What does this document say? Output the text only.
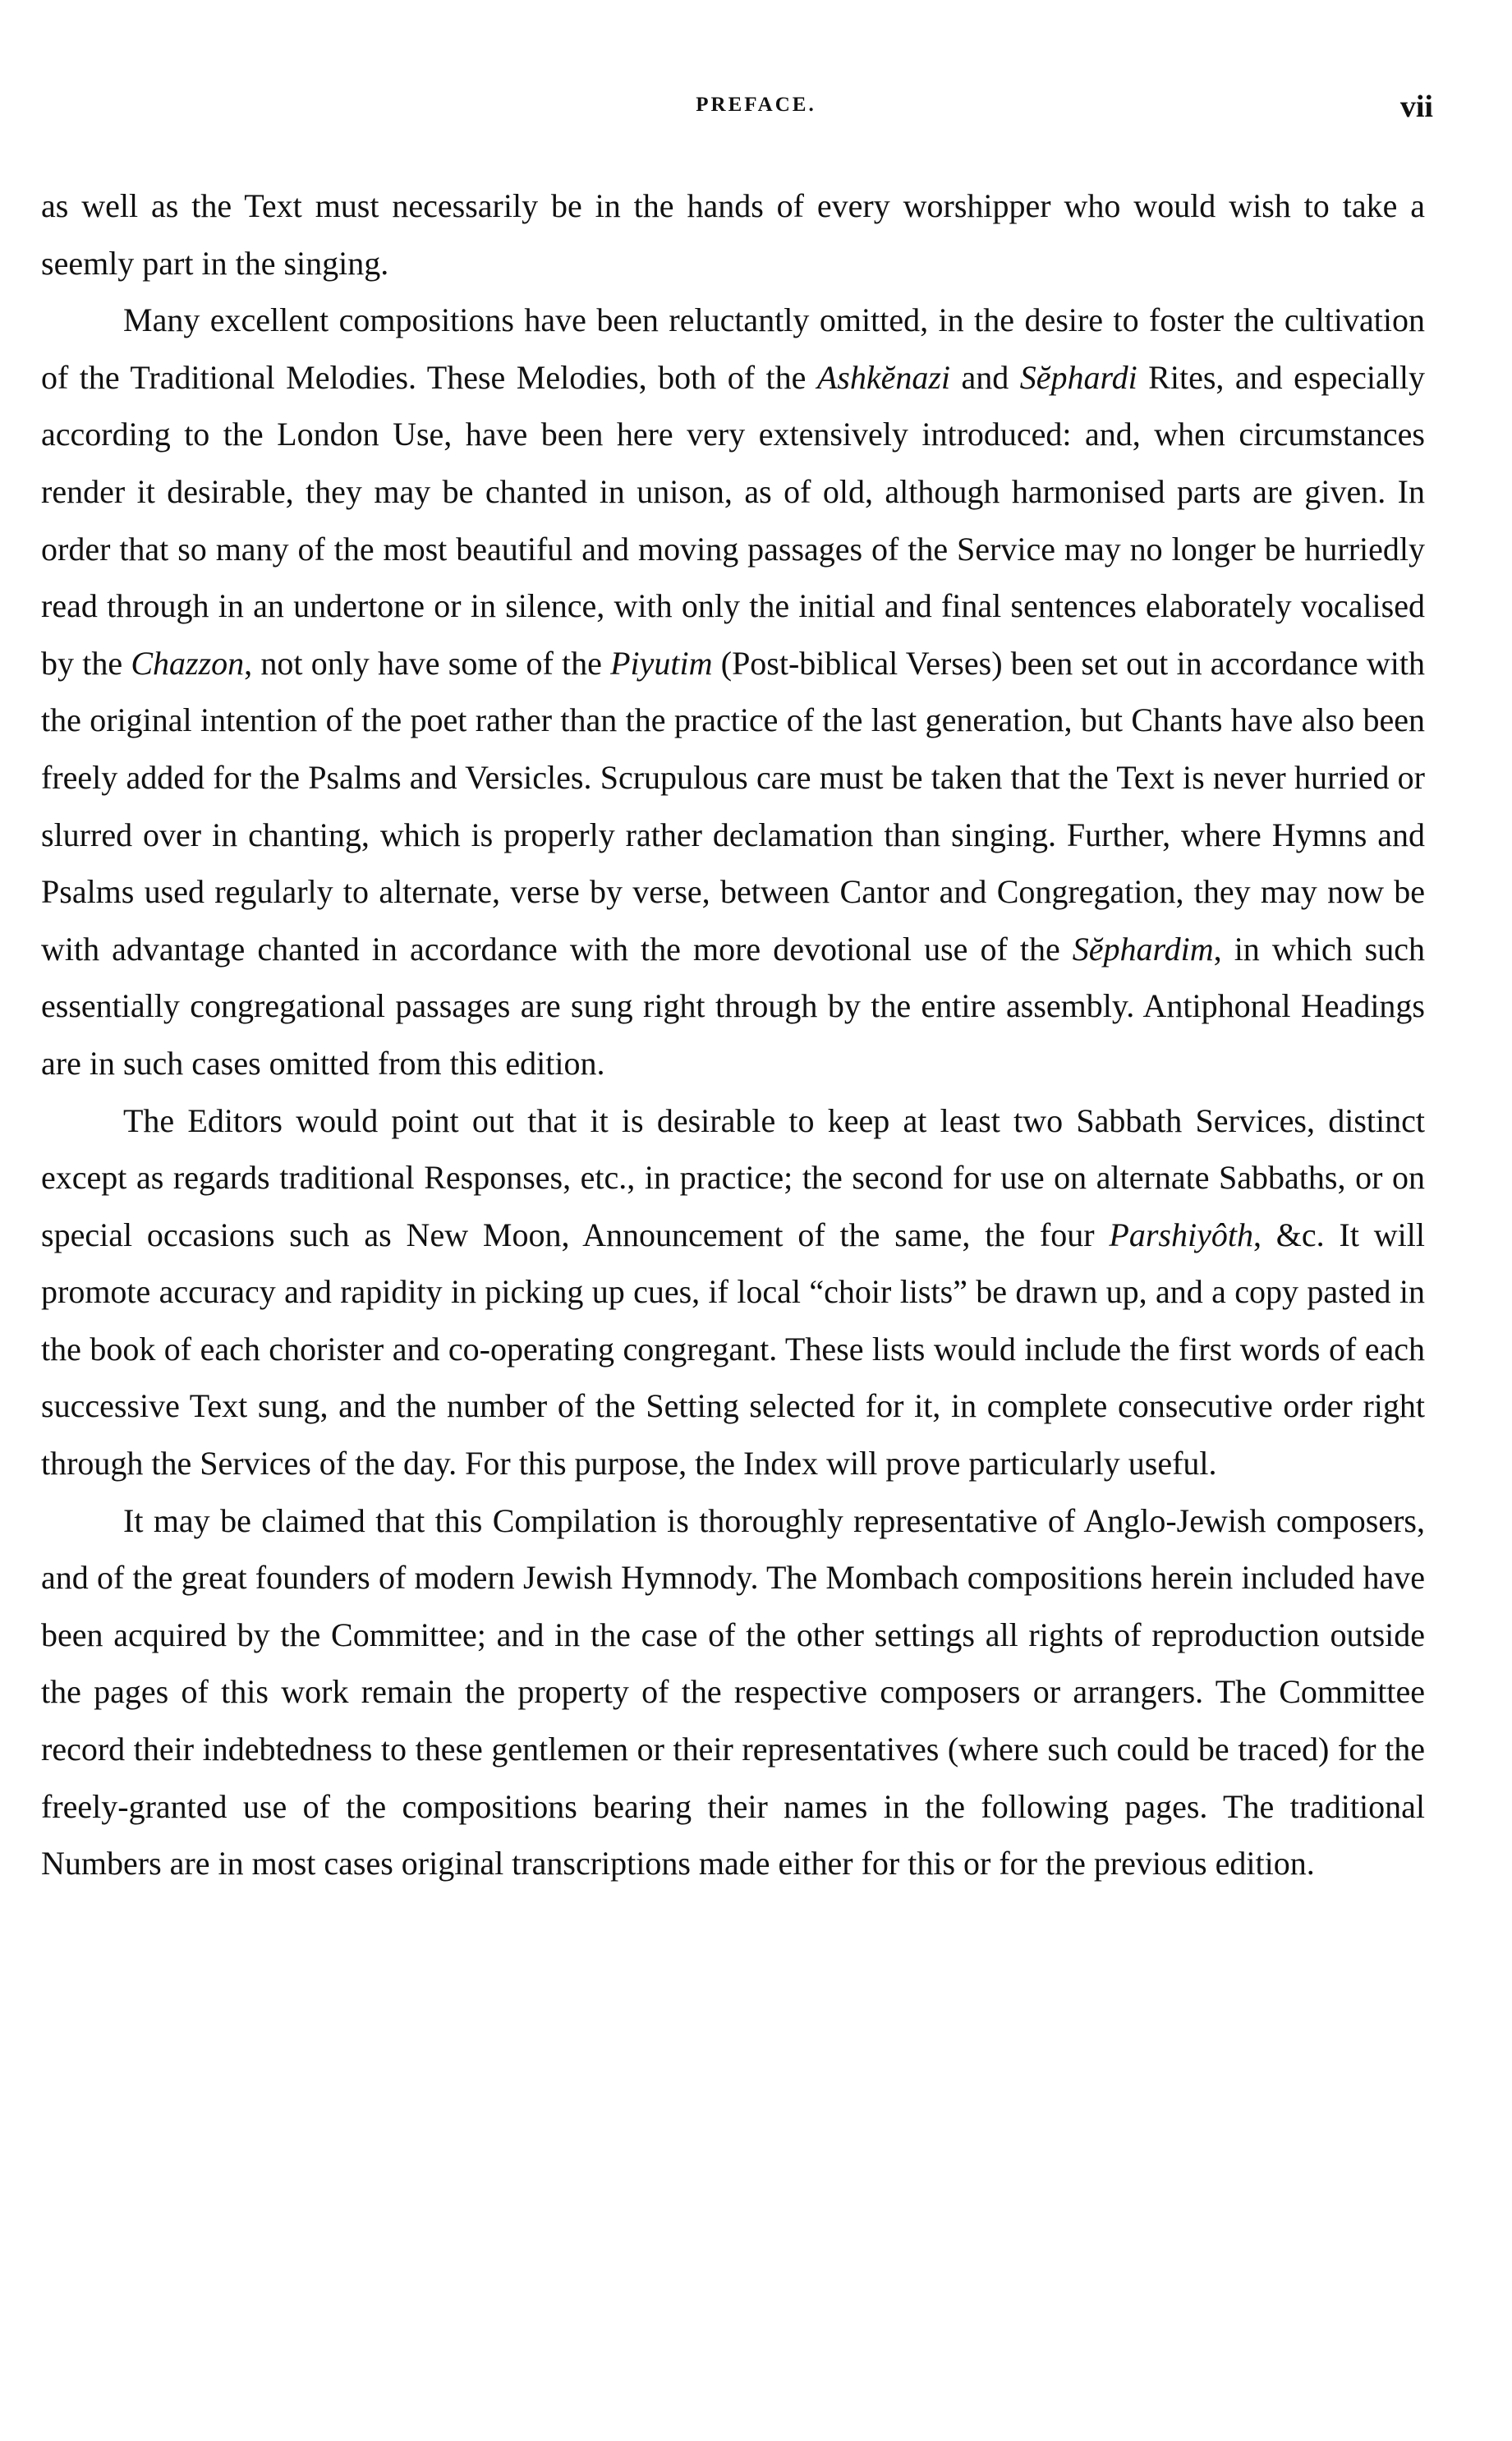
PREFACE.	vii

as well as the Text must necessarily be in the hands of every worshipper who would wish to take a seemly part in the singing.

Many excellent compositions have been reluctantly omitted, in the desire to foster the cultivation of the Traditional Melodies. These Melodies, both of the Ashkĕnazi and Sĕphardi Rites, and especially according to the London Use, have been here very extensively introduced: and, when circumstances render it desirable, they may be chanted in unison, as of old, although harmonised parts are given. In order that so many of the most beautiful and moving passages of the Service may no longer be hurriedly read through in an undertone or in silence, with only the initial and final sentences elaborately vocalised by the Chazzon, not only have some of the Piyutim (Post-biblical Verses) been set out in accordance with the original intention of the poet rather than the practice of the last generation, but Chants have also been freely added for the Psalms and Versicles. Scrupulous care must be taken that the Text is never hurried or slurred over in chanting, which is properly rather declamation than singing. Further, where Hymns and Psalms used regularly to alternate, verse by verse, between Cantor and Congregation, they may now be with advantage chanted in accordance with the more devotional use of the Sĕphardim, in which such essentially congregational passages are sung right through by the entire assembly. Antiphonal Headings are in such cases omitted from this edition.

The Editors would point out that it is desirable to keep at least two Sabbath Services, distinct except as regards traditional Responses, etc., in practice; the second for use on alternate Sabbaths, or on special occasions such as New Moon, Announcement of the same, the four Parshiyôth, &c. It will promote accuracy and rapidity in picking up cues, if local “choir lists” be drawn up, and a copy pasted in the book of each chorister and co-operating congregant. These lists would include the first words of each successive Text sung, and the number of the Setting selected for it, in complete consecutive order right through the Services of the day. For this purpose, the Index will prove particularly useful.

It may be claimed that this Compilation is thoroughly representative of Anglo-Jewish composers, and of the great founders of modern Jewish Hymnody. The Mombach compositions herein included have been acquired by the Committee; and in the case of the other settings all rights of reproduction outside the pages of this work remain the property of the respective composers or arrangers. The Committee record their indebtedness to these gentlemen or their representatives (where such could be traced) for the freely-granted use of the compositions bearing their names in the following pages. The traditional Numbers are in most cases original transcriptions made either for this or for the previous edition.
